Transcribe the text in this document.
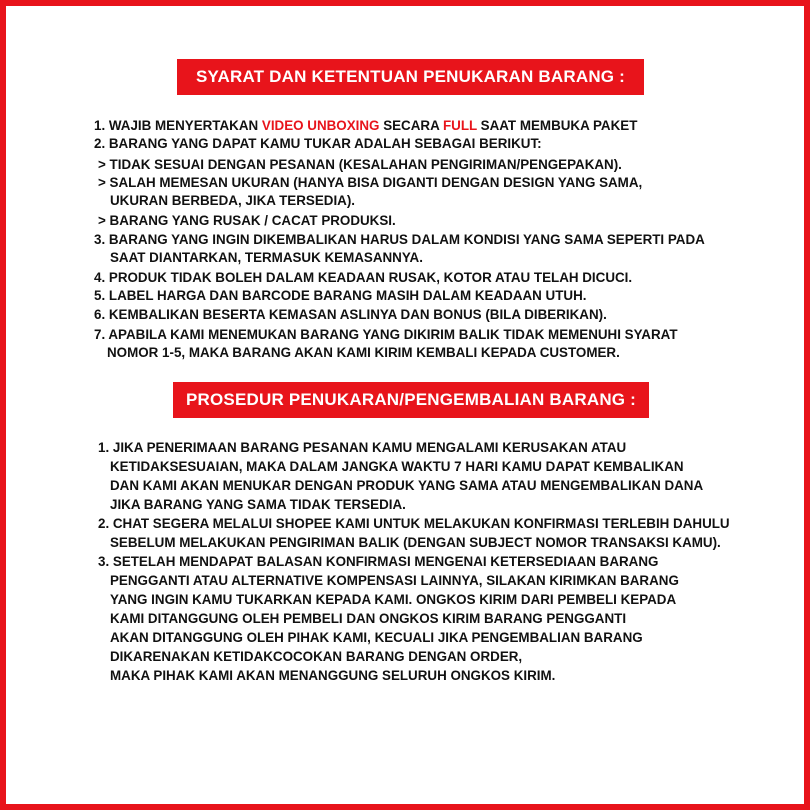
SYARAT DAN KETENTUAN PENUKARAN BARANG :
1. WAJIB MENYERTAKAN VIDEO UNBOXING SECARA FULL SAAT MEMBUKA PAKET
2. BARANG YANG DAPAT KAMU TUKAR ADALAH SEBAGAI BERIKUT:
> TIDAK SESUAI DENGAN PESANAN (KESALAHAN PENGIRIMAN/PENGEPAKAN).
> SALAH MEMESAN UKURAN (HANYA BISA DIGANTI DENGAN DESIGN YANG SAMA,
UKURAN BERBEDA, JIKA TERSEDIA).
> BARANG YANG RUSAK / CACAT PRODUKSI.
3. BARANG YANG INGIN DIKEMBALIKAN HARUS DALAM KONDISI YANG SAMA SEPERTI PADA
SAAT DIANTARKAN, TERMASUK KEMASANNYA.
4. PRODUK TIDAK BOLEH DALAM KEADAAN RUSAK, KOTOR ATAU TELAH DICUCI.
5. LABEL HARGA DAN BARCODE BARANG MASIH DALAM KEADAAN UTUH.
6. KEMBALIKAN BESERTA KEMASAN ASLINYA DAN BONUS (BILA DIBERIKAN).
7. APABILA KAMI MENEMUKAN BARANG YANG DIKIRIM BALIK TIDAK MEMENUHI SYARAT
NOMOR 1-5, MAKA BARANG AKAN KAMI KIRIM KEMBALI KEPADA CUSTOMER.
PROSEDUR PENUKARAN/PENGEMBALIAN BARANG :
1. JIKA PENERIMAAN BARANG PESANAN KAMU MENGALAMI KERUSAKAN ATAU
KETIDAKSESUAIAN, MAKA DALAM JANGKA WAKTU 7 HARI KAMU DAPAT KEMBALIKAN
DAN KAMI AKAN MENUKAR DENGAN PRODUK YANG SAMA ATAU MENGEMBALIKAN DANA
JIKA BARANG YANG SAMA TIDAK TERSEDIA.
2. CHAT SEGERA MELALUI SHOPEE KAMI UNTUK MELAKUKAN KONFIRMASI TERLEBIH DAHULU
SEBELUM MELAKUKAN PENGIRIMAN BALIK (DENGAN SUBJECT NOMOR TRANSAKSI KAMU).
3. SETELAH MENDAPAT BALASAN KONFIRMASI MENGENAI KETERSEDIAAN BARANG
PENGGANTI ATAU ALTERNATIVE KOMPENSASI LAINNYA, SILAKAN KIRIMKAN BARANG
YANG INGIN KAMU TUKARKAN KEPADA KAMI. ONGKOS KIRIM DARI PEMBELI KEPADA
KAMI DITANGGUNG OLEH PEMBELI DAN ONGKOS KIRIM BARANG PENGGANTI
AKAN DITANGGUNG OLEH PIHAK KAMI, KECUALI JIKA PENGEMBALIAN BARANG
DIKARENAKAN KETIDAKCOCOKAN BARANG DENGAN ORDER,
MAKA PIHAK KAMI AKAN MENANGGUNG SELURUH ONGKOS KIRIM.
